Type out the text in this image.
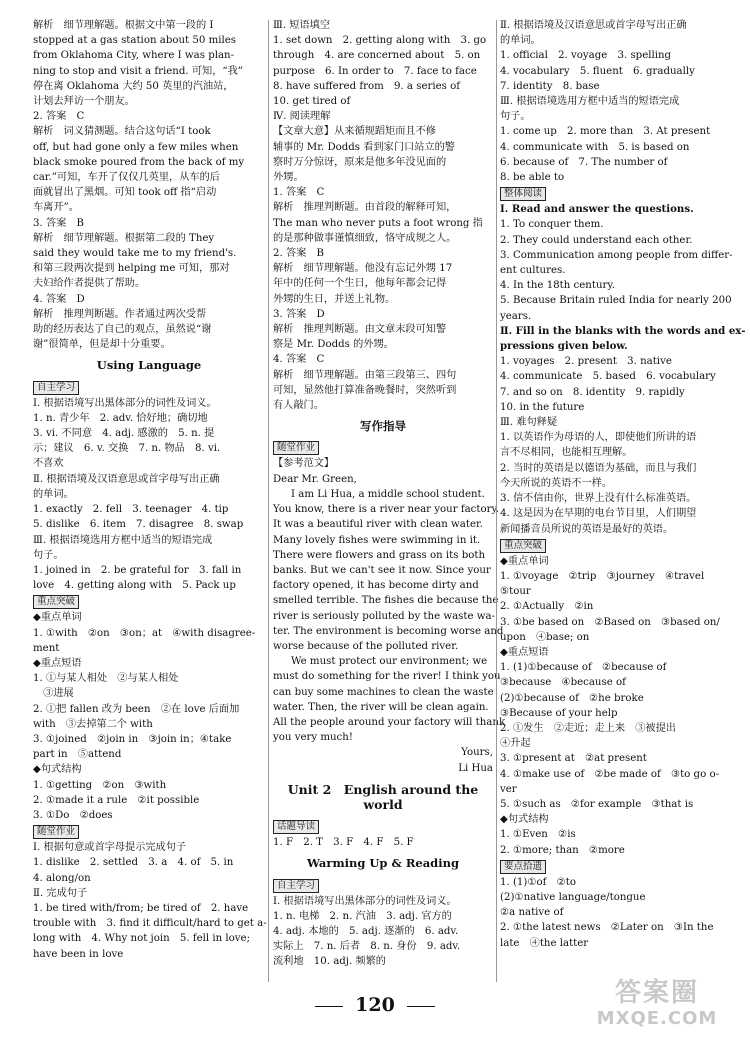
解析　细节理解题。根据文中第一段的 I
stopped at a gas station about 50 miles
from Oklahoma City, where I was plan-
ning to stop and visit a friend. 可知，“我”
停在离 Oklahoma 大约 50 英里的汽油站，
计划去拜访一个朋友。
2. 答案　C
解析　词义猜测题。结合这句话“I took
off, but had gone only a few miles when
black smoke poured from the back of my
car.”可知，车开了仅仅几英里，从车的后
面就冒出了黑烟。可知 took off 指“启动
车离开”。
3. 答案　B
解析　细节理解题。根据第二段的 They
said they would take me to my friend's.
和第三段两次提到 helping me 可知，那对
夫妇给作者提供了帮助。
4. 答案　D
解析　推理判断题。作者通过两次受帮
助的经历表达了自己的观点，虽然说“谢
谢”很简单，但是却十分重要。
Using Language
自主学习
Ⅰ. 根据语境写出黑体部分的词性及词义。
1. n. 青少年　2. adv. 恰好地；确切地
3. vi. 不同意　4. adj. 感激的　5. n. 提
示；建议　6. v. 交换　7. n. 物品　8. vi.
不喜欢
Ⅱ. 根据语境及汉语意思或首字母写出正确
的单词。
1. exactly　2. fell　3. teenager　4. tip
5. dislike　6. item　7. disagree　8. swap
Ⅲ. 根据语境选用方框中适当的短语完成
句子。
1. joined in　2. be grateful for　3. fall in
love　4. getting along with　5. Pack up
重点突破
◆重点单词
1. ①with　②on　③on；at　④with disagree-
ment
◆重点短语
1. ①与某人相处　②与某人相处
　③进展
2. ①把 fallen 改为 been　②在 love 后面加
with　③去掉第二个 with
3. ①joined　②join in　③join in；④take
part in　⑤attend
◆句式结构
1. ①getting　②on　③with
2. ①made it a rule　②it possible
3. ①Do　②does
随堂作业
Ⅰ. 根据句意或首字母提示完成句子
1. dislike　2. settled　3. a　4. of　5. in
4. along/on
Ⅱ. 完成句子
1. be tired with/from; be tired of　2. have
trouble with　3. find it difficult/hard to get a-
long with　4. Why not join　5. fell in love;
have been in love
Ⅲ. 短语填空
1. set down　2. getting along with　3. go
through　4. are concerned about　5. on
purpose　6. In order to　7. face to face
8. have suffered from　9. a series of
10. get tired of
Ⅳ. 阅读理解
【文章大意】从来循规蹈矩而且不修
辅事的 Mr. Dodds 看到家门口站立的警
察时万分惊讶，原来是他多年没见面的
外甥。
1. 答案　C
解析　推理判断题。由首段的解释可知，
The man who never puts a foot wrong 指
的是那种做事谨慎细致，恪守成规之人。
2. 答案　B
解析　细节理解题。他没有忘记外甥 17
年中的任何一个生日，他每年都会记得
外甥的生日，并送上礼物。
3. 答案　D
解析　推理判断题。由文章末段可知警
察是 Mr. Dodds 的外甥。
4. 答案　C
解析　细节理解题。由第三段第三、四句
可知，显然他打算准备晚餐时，突然听到
有人敲门。
写作指导
随堂作业
【参考范文】
Dear Mr. Green,
I am Li Hua, a middle school student.
You know, there is a river near your factory.
It was a beautiful river with clean water.
Many lovely fishes were swimming in it.
There were flowers and grass on its both
banks. But we can't see it now. Since your
factory opened, it has become dirty and
smelled terrible. The fishes die because the
river is seriously polluted by the waste wa-
ter. The environment is becoming worse and
worse because of the polluted river.
We must protect our environment; we
must do something for the river! I think you
can buy some machines to clean the waste
water. Then, the river will be clean again.
All the people around your factory will thank
you very much!
Yours,
Li Hua
Unit 2　English around the world
话题导读
1. F　2. T　3. F　4. F　5. F
Warming Up & Reading
自主学习
Ⅰ. 根据语境写出黑体部分的词性及词义。
1. n. 电梯　2. n. 汽油　3. adj. 官方的
4. adj. 本地的　5. adj. 逐渐的　6. adv.
实际上　7. n. 后者　8. n. 身份　9. adv.
流利地　10. adj. 频繁的
Ⅱ. 根据语境及汉语意思或首字母写出正确
的单词。
1. official　2. voyage　3. spelling
4. vocabulary　5. fluent　6. gradually
7. identity　8. base
Ⅲ. 根据语境选用方框中适当的短语完成
句子。
1. come up　2. more than　3. At present
4. communicate with　5. is based on
6. because of　7. The number of
8. be able to
整体阅读
Ⅰ. Read and answer the questions.
1. To conquer them.
2. They could understand each other.
3. Communication among people from differ-
ent cultures.
4. In the 18th century.
5. Because Britain ruled India for nearly 200
years.
Ⅱ. Fill in the blanks with the words and ex-
pressions given below.
1. voyages　2. present　3. native
4. communicate　5. based　6. vocabulary
7. and so on　8. identity　9. rapidly
10. in the future
Ⅲ. 难句释疑
1. 以英语作为母语的人，即使他们所讲的语
言不尽相同，也能相互理解。
2. 当时的英语是以德语为基础，而且与我们
今天所说的英语不一样。
3. 信不信由你，世界上没有什么标准英语。
4. 这是因为在早期的电台节目里，人们期望
新闻播音员所说的英语是最好的英语。
重点突破
◆重点单词
1. ①voyage　②trip　③journey　④travel
⑤tour
2. ①Actually　②in
3. ①be based on　②Based on　③based on/
upon　④base; on
◆重点短语
1. (1)①because of　②because of
③because　④because of
(2)①because of　②he broke
③Because of your help
2. ①发生　②走近；走上来　③被提出
④升起
3. ①present at　②at present
4. ①make use of　②be made of　③to go o-
ver
5. ①such as　②for example　③that is
◆句式结构
1. ①Even　②is
2. ①more; than　②more
要点拾遗
1. (1)①of　②to
(2)①native language/tongue
②a native of
2. ①the latest news　②Later on　③In the
late　④the latter
120	答案圈
MXQE.COM
